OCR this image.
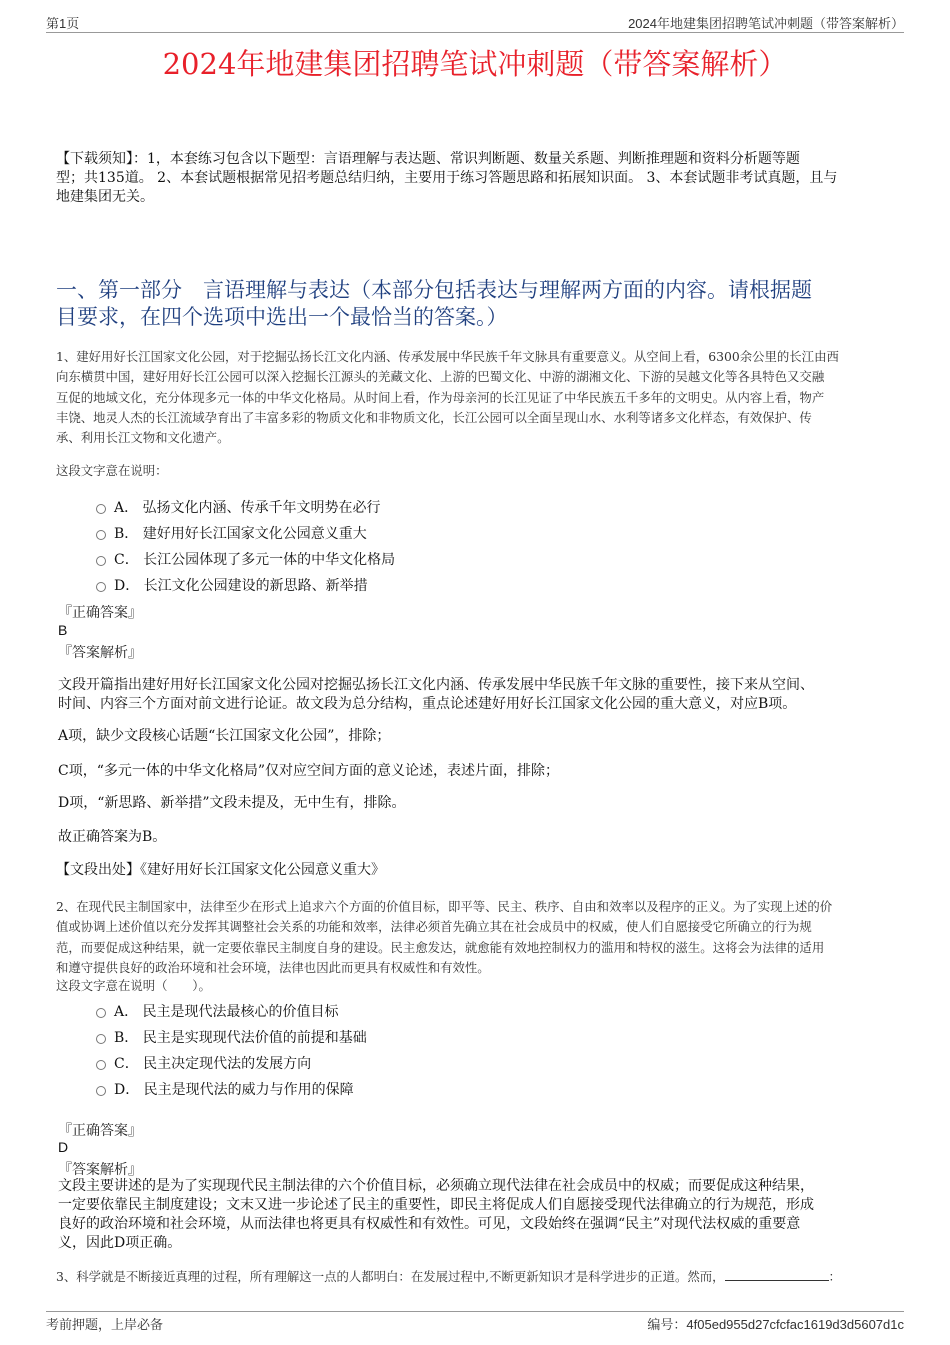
第1页	2024年地建集团招聘笔试冲刺题（带答案解析）
2024年地建集团招聘笔试冲刺题（带答案解析）
【下载须知】：1，本套练习包含以下题型：言语理解与表达题、常识判断题、数量关系题、判断推理题和资料分析题等题
型；共135道。 2、本套试题根据常见招考题总结归纳，主要用于练习答题思路和拓展知识面。 3、本套试题非考试真题，且与
地建集团无关。
一、第一部分　言语理解与表达（本部分包括表达与理解两方面的内容。请根据题
目要求，在四个选项中选出一个最恰当的答案。）
1、建好用好长江国家文化公园，对于挖掘弘扬长江文化内涵、传承发展中华民族千年文脉具有重要意义。从空间上看，6300余公里的长江由西
向东横贯中国，建好用好长江公园可以深入挖掘长江源头的羌藏文化、上游的巴蜀文化、中游的湖湘文化、下游的吴越文化等各具特色又交融
互促的地域文化，充分体现多元一体的中华文化格局。从时间上看，作为母亲河的长江见证了中华民族五千多年的文明史。从内容上看，物产
丰饶、地灵人杰的长江流域孕育出了丰富多彩的物质文化和非物质文化，长江公园可以全面呈现山水、水利等诸多文化样态，有效保护、传
承、利用长江文物和文化遗产。
这段文字意在说明：
A． 弘扬文化内涵、传承千年文明势在必行
B． 建好用好长江国家文化公园意义重大
C． 长江公园体现了多元一体的中华文化格局
D． 长江文化公园建设的新思路、新举措
『正确答案』
B
『答案解析』
文段开篇指出建好用好长江国家文化公园对挖掘弘扬长江文化内涵、传承发展中华民族千年文脉的重要性，接下来从空间、
时间、内容三个方面对前文进行论证。故文段为总分结构，重点论述建好用好长江国家文化公园的重大意义，对应B项。
A项，缺少文段核心话题“长江国家文化公园”，排除；
C项，“多元一体的中华文化格局”仅对应空间方面的意义论述，表述片面，排除；
D项，“新思路、新举措”文段未提及，无中生有，排除。
故正确答案为B。
【文段出处】《建好用好长江国家文化公园意义重大》
2、在现代民主制国家中，法律至少在形式上追求六个方面的价值目标，即平等、民主、秩序、自由和效率以及程序的正义。为了实现上述的价
值或协调上述价值以充分发挥其调整社会关系的功能和效率，法律必须首先确立其在社会成员中的权威，使人们自愿接受它所确立的行为规
范，而要促成这种结果，就一定要依靠民主制度自身的建设。民主愈发达，就愈能有效地控制权力的滥用和特权的滋生。这将会为法律的适用
和遵守提供良好的政治环境和社会环境，法律也因此而更具有权威性和有效性。
这段文字意在说明（　　）。
A． 民主是现代法最核心的价值目标
B． 民主是实现现代法价值的前提和基础
C． 民主决定现代法的发展方向
D． 民主是现代法的威力与作用的保障
『正确答案』
D
『答案解析』
文段主要讲述的是为了实现现代民主制法律的六个价值目标，必须确立现代法律在社会成员中的权威；而要促成这种结果，
一定要依靠民主制度建设；文末又进一步论述了民主的重要性，即民主将促成人们自愿接受现代法律确立的行为规范，形成
良好的政治环境和社会环境，从而法律也将更具有权威性和有效性。可见，文段始终在强调“民主”对现代法权威的重要意
义，因此D项正确。
3、科学就是不断接近真理的过程，所有理解这一点的人都明白：在发展过程中,不断更新知识才是科学进步的正道。然而，	：
考前押题，上岸必备	编号：4f05ed955d27cfcfac1619d3d5607d1c
